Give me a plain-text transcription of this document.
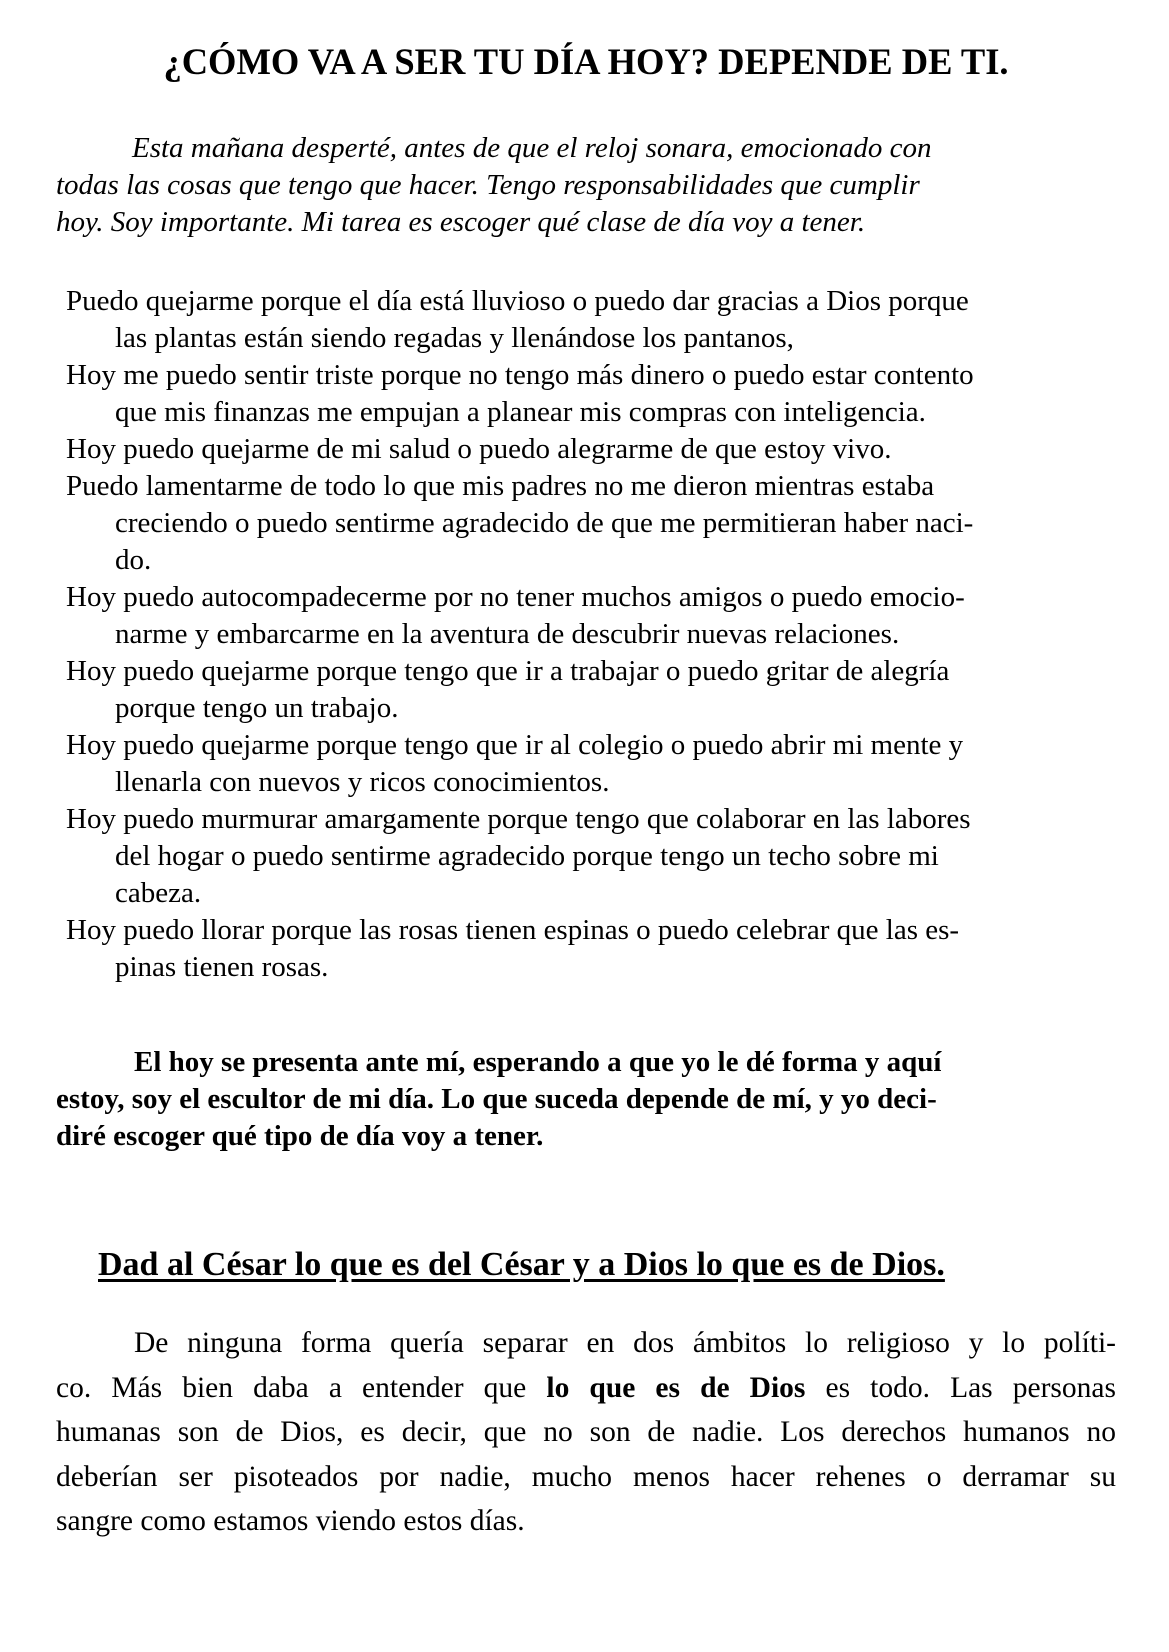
¿CÓMO VA A SER TU DÍA HOY? DEPENDE DE TI.

Esta mañana desperté, antes de que el reloj sonara, emocionado con
todas las cosas que tengo que hacer. Tengo responsabilidades que cumplir
hoy. Soy importante. Mi tarea es escoger qué clase de día voy a tener.

Puedo quejarme porque el día está lluvioso o puedo dar gracias a Dios porque
las plantas están siendo regadas y llenándose los pantanos,
Hoy me puedo sentir triste porque no tengo más dinero o puedo estar contento
que mis finanzas me empujan a planear mis compras con inteligencia.
Hoy puedo quejarme de mi salud o puedo alegrarme de que estoy vivo.
Puedo lamentarme de todo lo que mis padres no me dieron mientras estaba
creciendo o puedo sentirme agradecido de que me permitieran haber naci-
do.
Hoy puedo autocompadecerme por no tener muchos amigos o puedo emocio-
narme y embarcarme en la aventura de descubrir nuevas relaciones.
Hoy puedo quejarme porque tengo que ir a trabajar o puedo gritar de alegría
porque tengo un trabajo.
Hoy puedo quejarme porque tengo que ir al colegio o puedo abrir mi mente y
llenarla con nuevos y ricos conocimientos.
Hoy puedo murmurar amargamente porque tengo que colaborar en las labores
del hogar o puedo sentirme agradecido porque tengo un techo sobre mi
cabeza.
Hoy puedo llorar porque las rosas tienen espinas o puedo celebrar que las es-
pinas tienen rosas.

El hoy se presenta ante mí, esperando a que yo le dé forma y aquí
estoy, soy el escultor de mi día. Lo que suceda depende de mí, y yo deci-
diré escoger qué tipo de día voy a tener.

Dad al César lo que es del César y a Dios lo que es de Dios.

De ninguna forma quería separar en dos ámbitos lo religioso y lo políti-
co. Más bien daba a entender que lo que es de Dios es todo. Las personas
humanas son de Dios, es decir, que no son de nadie. Los derechos humanos no
deberían ser pisoteados por nadie, mucho menos hacer rehenes o derramar su
sangre como estamos viendo estos días.
